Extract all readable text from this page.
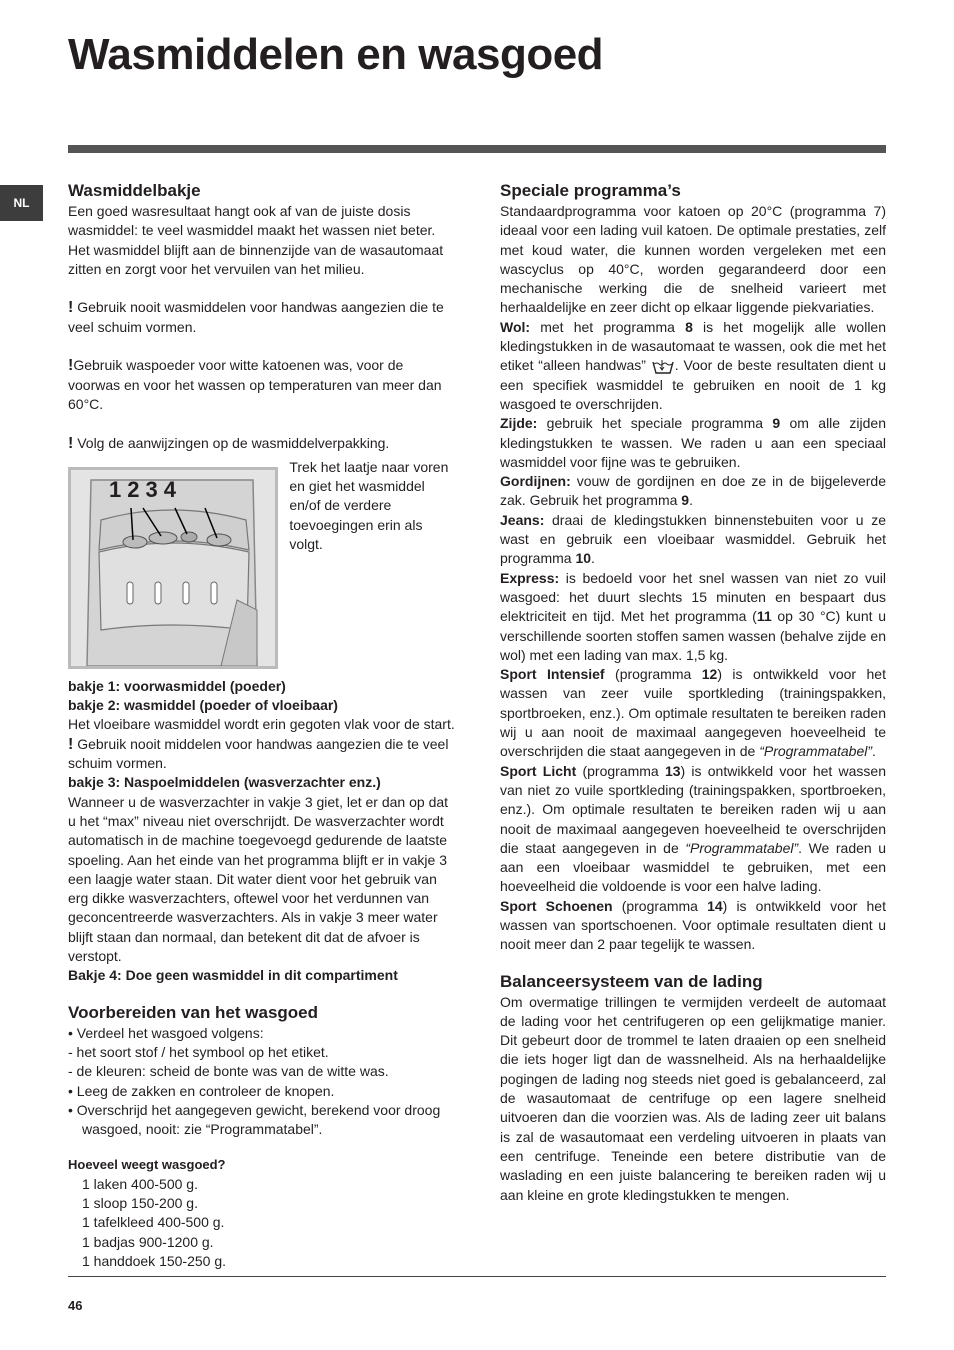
Wasmiddelen en wasgoed
NL
Wasmiddelbakje

Een goed wasresultaat hangt ook af van de juiste dosis wasmiddel: te veel wasmiddel maakt het wassen niet beter. Het wasmiddel blijft aan de binnenzijde van de wasautomaat zitten en zorgt voor het vervuilen van het milieu.

! Gebruik nooit wasmiddelen voor handwas aangezien die te veel schuim vormen.

!Gebruik waspoeder voor witte katoenen was, voor de voorwas en voor het wassen op temperaturen van meer dan 60°C.

! Volg de aanwijzingen op de wasmiddelverpakking.

1234

Trek het laatje naar voren en giet het wasmiddel en/of de verdere toevoegingen erin als volgt.

bakje 1: voorwasmiddel (poeder)

bakje 2: wasmiddel (poeder of vloeibaar)

Het vloeibare wasmiddel wordt erin gegoten vlak voor de start.

! Gebruik nooit middelen voor handwas aangezien die te veel schuim vormen.

bakje 3: Naspoelmiddelen (wasverzachter enz.)

Wanneer u de wasverzachter in vakje 3 giet, let er dan op dat u het “max” niveau niet overschrijdt. De wasverzachter wordt automatisch in de machine toegevoegd gedurende de laatste spoeling. Aan het einde van het programma blijft er in vakje 3 een laagje water staan. Dit water dient voor het gebruik van erg dikke wasverzachters, oftewel voor het verdunnen van geconcentreerde wasverzachters. Als in vakje 3 meer water blijft staan dan normaal, dan betekent dit dat de afvoer is verstopt.

Bakje 4: Doe geen wasmiddel in dit compartiment

Voorbereiden van het wasgoed

• Verdeel het wasgoed volgens:

- het soort stof / het symbool op het etiket.

- de kleuren: scheid de bonte was van de witte was.

• Leeg de zakken en controleer de knopen.

• Overschrijd het aangegeven gewicht, berekend voor droog wasgoed, nooit: zie “Programmatabel”.

Hoeveel weegt wasgoed?

1 laken 400-500 g.

1 sloop 150-200 g.

1 tafelkleed 400-500 g.

1 badjas 900-1200 g.

1 handdoek 150-250 g.

Speciale programma’s

Standaardprogramma voor katoen op 20°C (programma 7) ideaal voor een lading vuil katoen. De optimale prestaties, zelf met koud water, die kunnen worden vergeleken met een wascyclus op 40°C, worden gegarandeerd door een mechanische werking die de snelheid varieert met herhaaldelijke en zeer dicht op elkaar liggende piekvariaties.

Wol: met het programma 8 is het mogelijk alle wollen kledingstukken in de wasautomaat te wassen, ook die met het etiket “alleen handwas” . Voor de beste resultaten dient u een specifiek wasmiddel te gebruiken en nooit de 1 kg wasgoed te overschrijden.

Zijde: gebruik het speciale programma 9 om alle zijden kledingstukken te wassen. We raden u aan een speciaal wasmiddel voor fijne was te gebruiken.

Gordijnen: vouw de gordijnen en doe ze in de bijgeleverde zak. Gebruik het programma 9.

Jeans: draai de kledingstukken binnenstebuiten voor u ze wast en gebruik een vloeibaar wasmiddel. Gebruik het programma 10.

Express: is bedoeld voor het snel wassen van niet zo vuil wasgoed: het duurt slechts 15 minuten en bespaart dus elektriciteit en tijd. Met het programma (11 op 30 °C) kunt u verschillende soorten stoffen samen wassen (behalve zijde en wol) met een lading van max. 1,5 kg.

Sport Intensief (programma 12) is ontwikkeld voor het wassen van zeer vuile sportkleding (trainingspakken, sportbroeken, enz.). Om optimale resultaten te bereiken raden wij u aan nooit de maximaal aangegeven hoeveelheid te overschrijden die staat aangegeven in de “Programmatabel”.

Sport Licht (programma 13) is ontwikkeld voor het wassen van niet zo vuile sportkleding (trainingspakken, sportbroeken, enz.). Om optimale resultaten te bereiken raden wij u aan nooit de maximaal aangegeven hoeveelheid te overschrijden die staat aangegeven in de “Programmatabel”. We raden u aan een vloeibaar wasmiddel te gebruiken, met een hoeveelheid die voldoende is voor een halve lading.

Sport Schoenen (programma 14) is ontwikkeld voor het wassen van sportschoenen. Voor optimale resultaten dient u nooit meer dan 2 paar tegelijk te wassen.

Balanceersysteem van de lading

Om overmatige trillingen te vermijden verdeelt de automaat de lading voor het centrifugeren op een gelijkmatige manier. Dit gebeurt door de trommel te laten draaien op een snelheid die iets hoger ligt dan de wassnelheid. Als na herhaaldelijke pogingen de lading nog steeds niet goed is gebalanceerd, zal de wasautomaat de centrifuge op een lagere snelheid uitvoeren dan die voorzien was. Als de lading zeer uit balans is zal de wasautomaat een verdeling uitvoeren in plaats van een centrifuge. Teneinde een betere distributie van de waslading en een juiste balancering te bereiken raden wij u aan kleine en grote kledingstukken te mengen.

46
